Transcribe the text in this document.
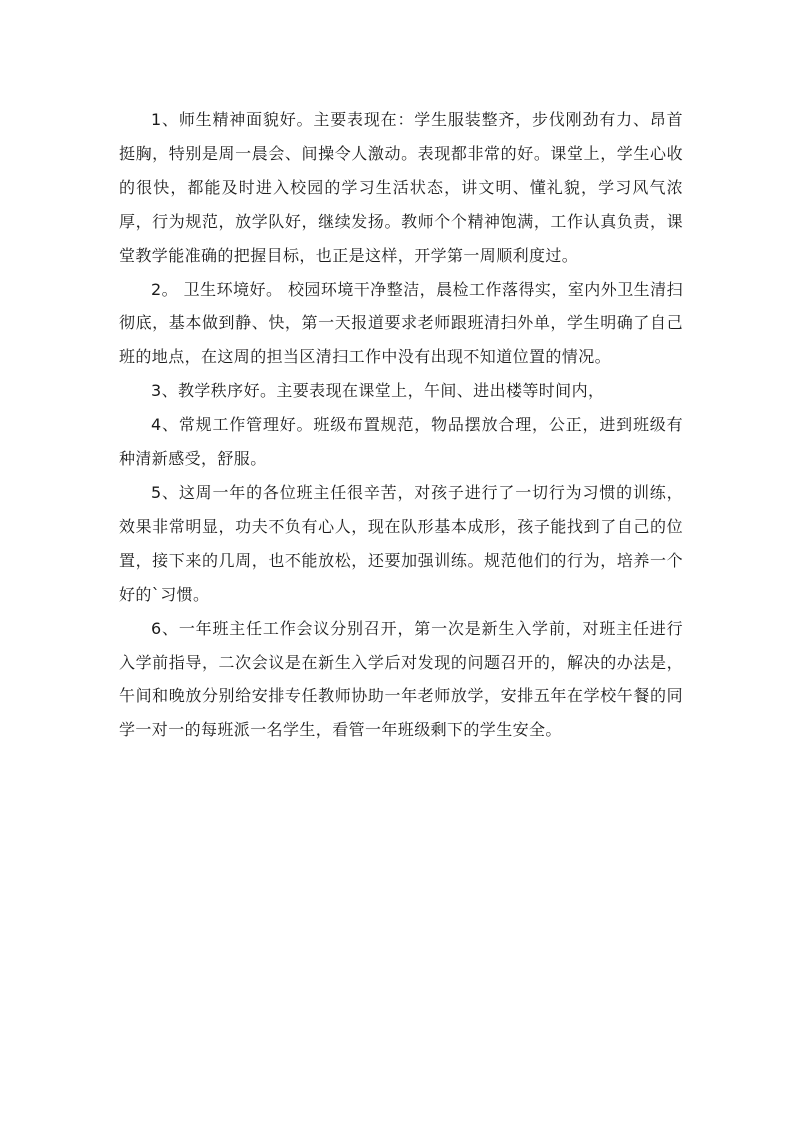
1、师生精神面貌好。主要表现在：学生服装整齐，步伐刚劲有力、昂首挺胸，特别是周一晨会、间操令人激动。表现都非常的好。课堂上，学生心收的很快，都能及时进入校园的学习生活状态，讲文明、懂礼貌，学习风气浓厚，行为规范，放学队好，继续发扬。教师个个精神饱满，工作认真负责，课堂教学能准确的把握目标，也正是这样，开学第一周顺利度过。

2。 卫生环境好。 校园环境干净整洁，晨检工作落得实，室内外卫生清扫彻底，基本做到静、快，第一天报道要求老师跟班清扫外单，学生明确了自己班的地点，在这周的担当区清扫工作中没有出现不知道位置的情况。

3、教学秩序好。主要表现在课堂上，午间、进出楼等时间内，

4、常规工作管理好。班级布置规范，物品摆放合理，公正，进到班级有种清新感受，舒服。

5、这周一年的各位班主任很辛苦，对孩子进行了一切行为习惯的训练，效果非常明显，功夫不负有心人，现在队形基本成形，孩子能找到了自己的位置，接下来的几周，也不能放松，还要加强训练。规范他们的行为，培养一个好的`习惯。

6、一年班主任工作会议分别召开，第一次是新生入学前，对班主任进行入学前指导，二次会议是在新生入学后对发现的问题召开的，解决的办法是，午间和晚放分别给安排专任教师协助一年老师放学，安排五年在学校午餐的同学一对一的每班派一名学生，看管一年班级剩下的学生安全。
